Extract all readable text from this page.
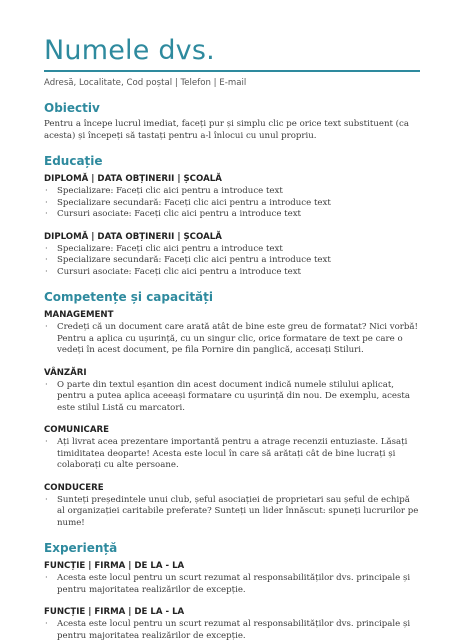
Numele dvs.
Adresă, Localitate, Cod poștal | Telefon | E-mail
Obiectiv

Pentru a începe lucrul imediat, faceți pur și simplu clic pe orice text substituent (ca acesta) și începeți să tastați pentru a-l înlocui cu unul propriu.

Educație
DIPLOMĂ | DATA OBȚINERII | ȘCOALĂ
· Specializare: Faceți clic aici pentru a introduce text
· Specializare secundară: Faceți clic aici pentru a introduce text
· Cursuri asociate: Faceți clic aici pentru a introduce text
DIPLOMĂ | DATA OBȚINERII | ȘCOALĂ
· Specializare: Faceți clic aici pentru a introduce text
· Specializare secundară: Faceți clic aici pentru a introduce text
· Cursuri asociate: Faceți clic aici pentru a introduce text
Competențe și capacități
MANAGEMENT
· Credeți că un document care arată atât de bine este greu de formatat? Nici vorbă! Pentru a aplica cu ușurință, cu un singur clic, orice formatare de text pe care o vedeți în acest document, pe fila Pornire din panglică, accesați Stiluri.
VÂNZĂRI
· O parte din textul eșantion din acest document indică numele stilului aplicat, pentru a putea aplica aceeași formatare cu ușurință din nou. De exemplu, acesta este stilul Listă cu marcatori.
COMUNICARE
· Ați livrat acea prezentare importantă pentru a atrage recenzii entuziaste. Lăsați timiditatea deoparte! Acesta este locul în care să arătați cât de bine lucrați și colaborați cu alte persoane.
CONDUCERE
· Sunteți președintele unui club, șeful asociației de proprietari sau șeful de echipă al organizației caritabile preferate? Sunteți un lider înnăscut: spuneți lucrurilor pe nume!
Experiență
FUNCȚIE | FIRMA | DE LA - LA
· Acesta este locul pentru un scurt rezumat al responsabilităților dvs. principale și pentru majoritatea realizărilor de excepție.
FUNCȚIE | FIRMA | DE LA - LA
· Acesta este locul pentru un scurt rezumat al responsabilităților dvs. principale și pentru majoritatea realizărilor de excepție.
